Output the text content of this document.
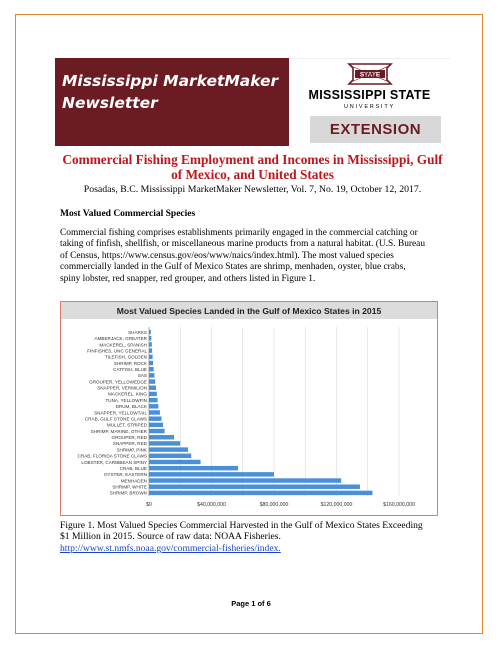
Mississippi MarketMaker
Newsletter
STATE
MISSISSIPPI STATE
UNIVERSITY
EXTENSION
Commercial Fishing Employment and Incomes in Mississippi, Gulf
of Mexico, and United States
Posadas, B.C. Mississippi MarketMaker Newsletter, Vol. 7, No. 19, October 12, 2017.
Most Valued Commercial Species
Commercial fishing comprises establishments primarily engaged in the commercial catching or
taking of finfish, shellfish, or miscellaneous marine products from a natural habitat. (U.S. Bureau
of Census, https://www.census.gov/eos/www/naics/index.html). The most valued species
commercially landed in the Gulf of Mexico States are shrimp, menhaden, oyster, blue crabs,
spiny lobster, red snapper, red grouper, and others listed in Figure 1.
Most Valued Species Landed in the Gulf of Mexico States in 2015
SHARKS
AMBERJACK, GREATER
MACKEREL, SPANISH
FINFISHES, UNC GENERAL
TILEFISH, GOLDEN
SHRIMP, ROCK
CATFISH, BLUE
SAS
GROUPER, YELLOWEDGE
SNAPPER, VERMILION
MACKEREL, KING
TUNA, YELLOWFIN
DRUM, BLACK
SNAPPER, YELLOWTAIL
CRAB, GULF STONE CLAWS
MULLET, STRIPED
SHRIMP, MARINE, OTHER
GROUPER, RED
SNAPPER, RED
SHRIMP, PINK
CRAB, FLORIDA STONE CLAWS
LOBSTER, CARIBBEAN SPINY
CRAB, BLUE
OYSTER, EASTERN
MENHADEN
SHRIMP, WHITE
SHRIMP, BROWN
$0	$40,000,000	$80,000,000	$120,000,000	$160,000,000
Figure 1. Most Valued Species Commercial Harvested in the Gulf of Mexico States Exceeding
$1 Million in 2015. Source of raw data: NOAA Fisheries.
http://www.st.nmfs.noaa.gov/commercial-fisheries/index.
Page 1 of 6
